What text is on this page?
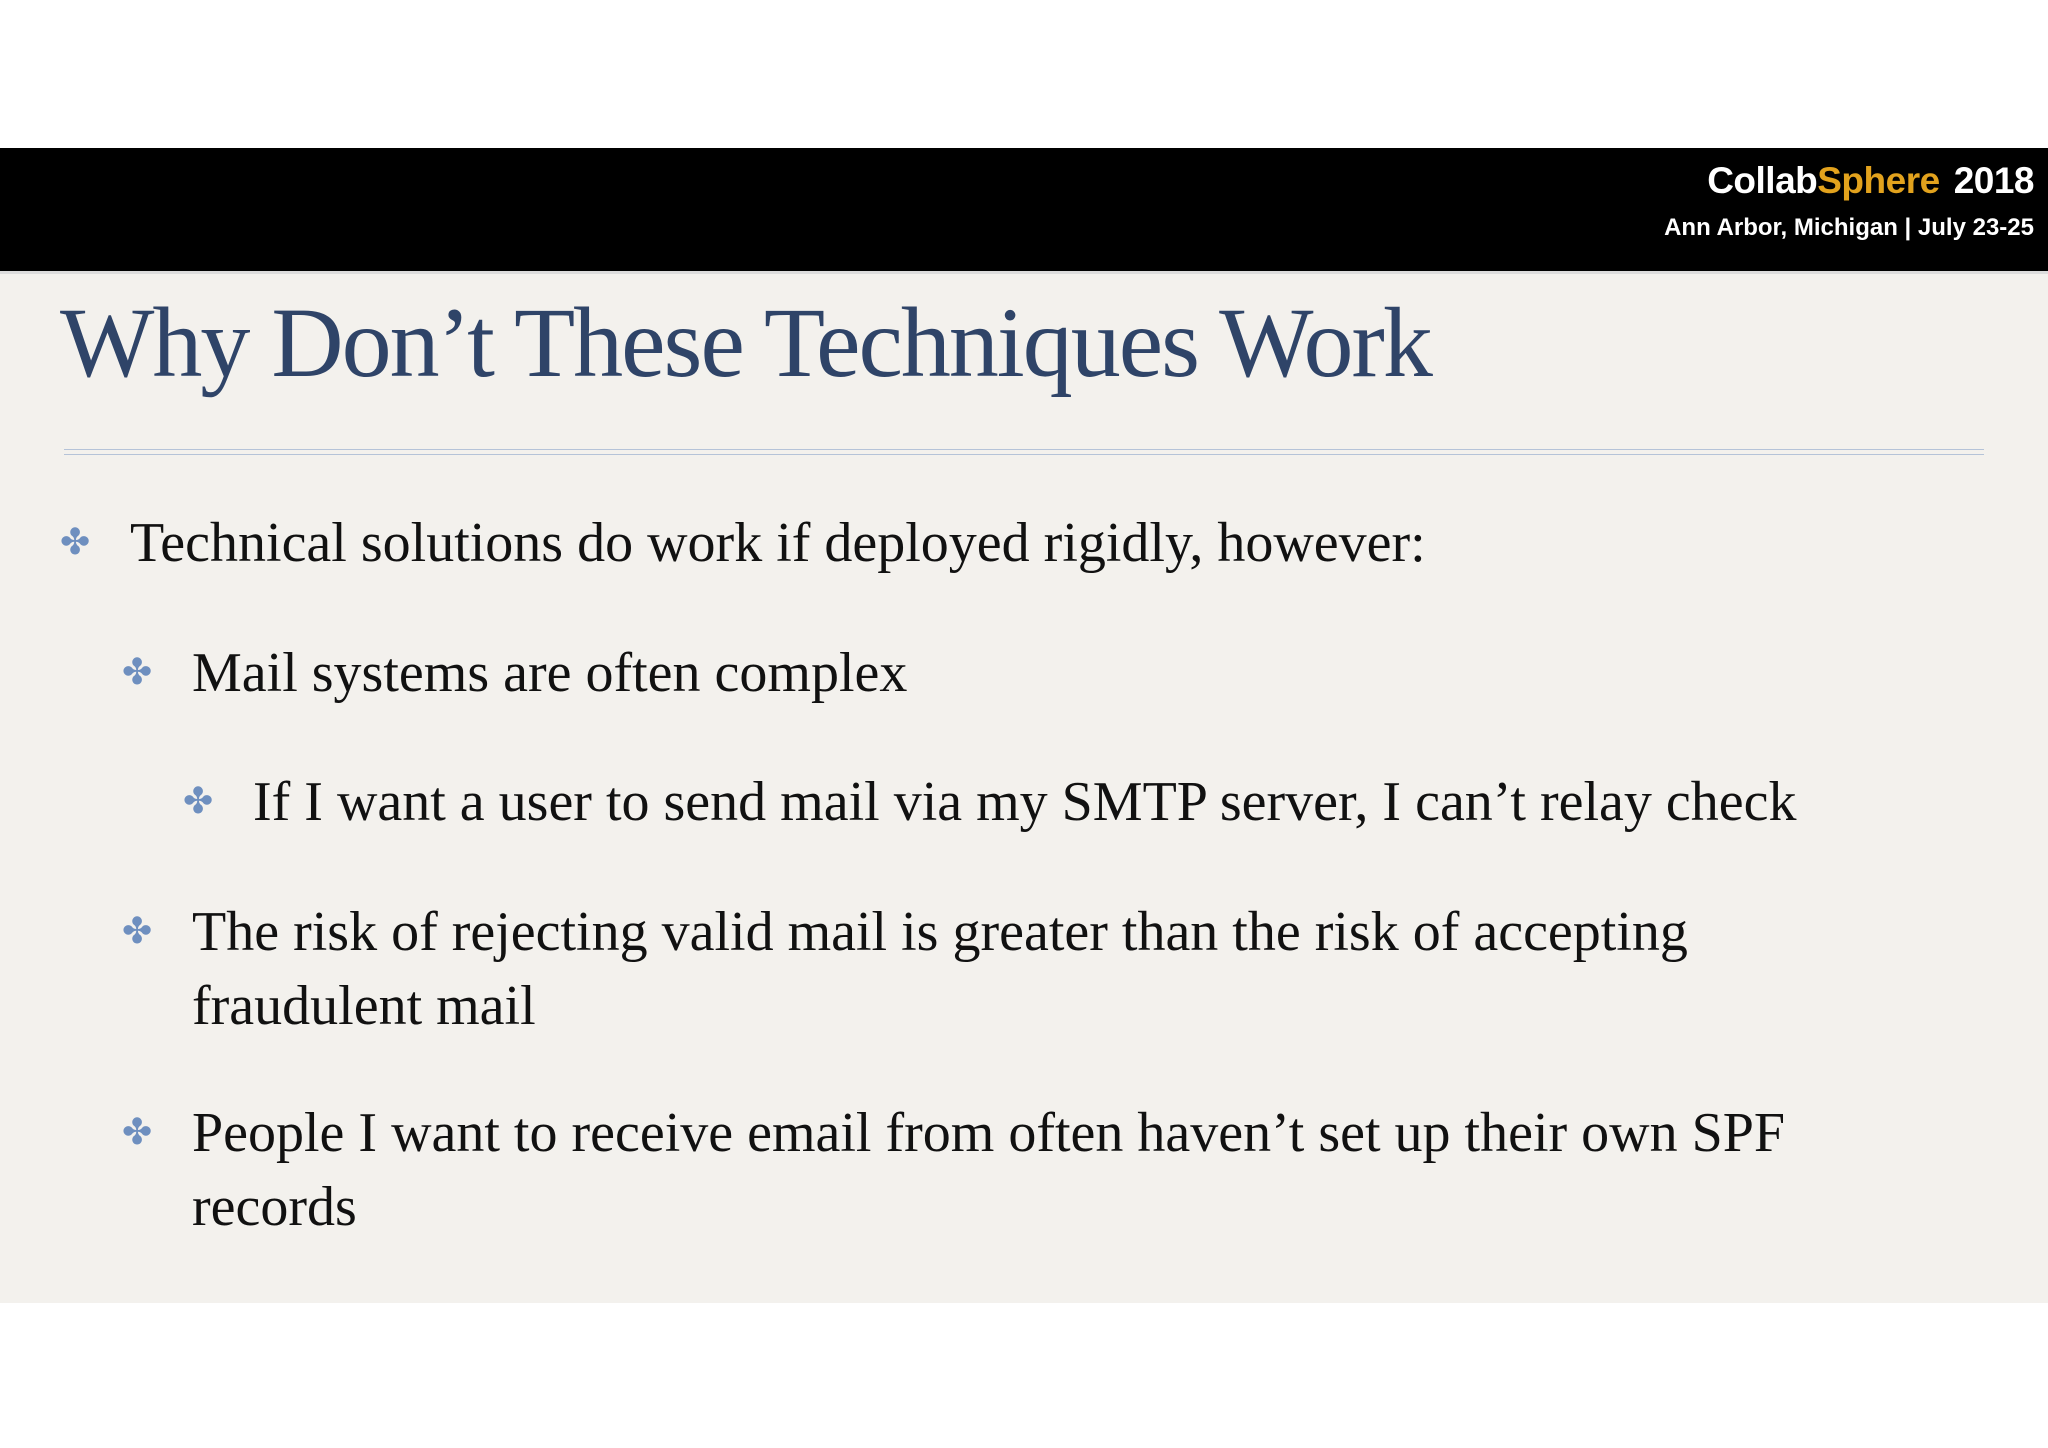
CollabSphere 2018
Ann Arbor, Michigan | July 23-25
Why Don’t These Techniques Work
✤ Technical solutions do work if deployed rigidly, however:
✤ Mail systems are often complex
✤ If I want a user to send mail via my SMTP server, I can’t relay check
✤ The risk of rejecting valid mail is greater than the risk of accepting
fraudulent mail
✤ People I want to receive email from often haven’t set up their own SPF
records
